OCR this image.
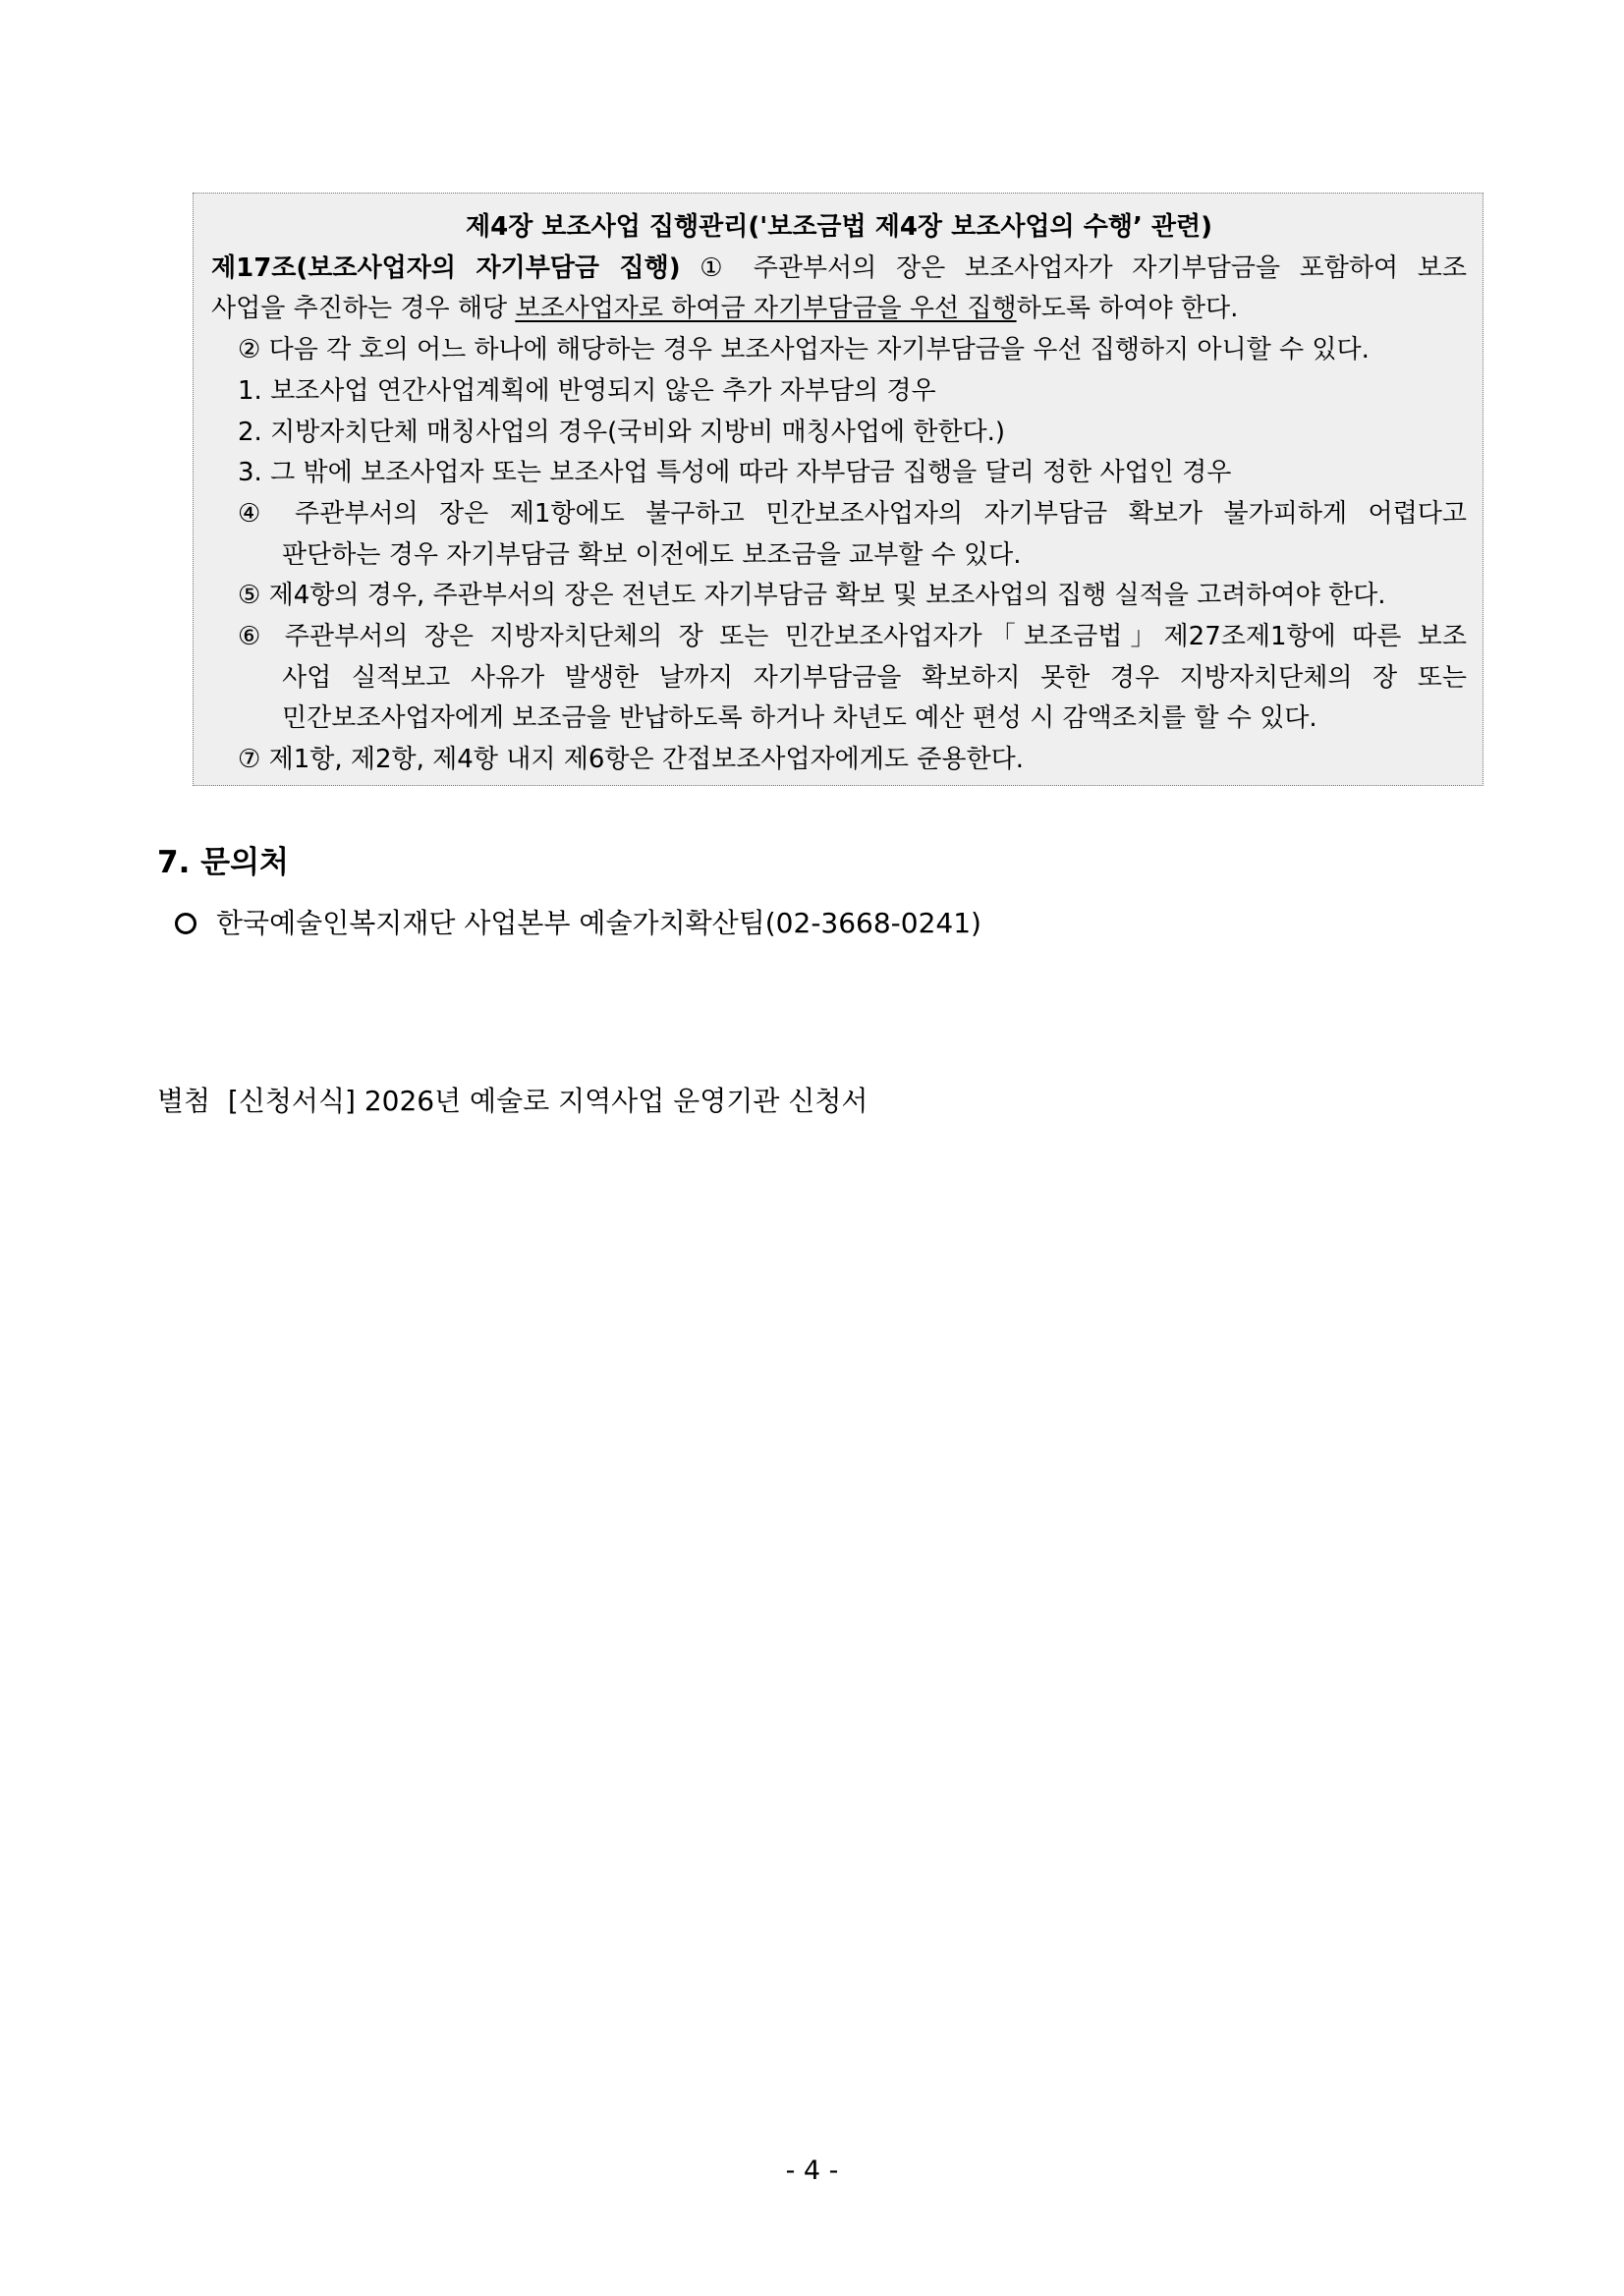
제4장 보조사업 집행관리('보조금법 제4장 보조사업의 수행’ 관련)
제17조(보조사업자의 자기부담금 집행) ① 주관부서의 장은 보조사업자가 자기부담금을 포함하여 보조
사업을 추진하는 경우 해당 보조사업자로 하여금 자기부담금을 우선 집행하도록 하여야 한다.
② 다음 각 호의 어느 하나에 해당하는 경우 보조사업자는 자기부담금을 우선 집행하지 아니할 수 있다.
1. 보조사업 연간사업계획에 반영되지 않은 추가 자부담의 경우
2. 지방자치단체 매칭사업의 경우(국비와 지방비 매칭사업에 한한다.)
3. 그 밖에 보조사업자 또는 보조사업 특성에 따라 자부담금 집행을 달리 정한 사업인 경우
④ 주관부서의 장은 제1항에도 불구하고 민간보조사업자의 자기부담금 확보가 불가피하게 어렵다고
판단하는 경우 자기부담금 확보 이전에도 보조금을 교부할 수 있다.
⑤ 제4항의 경우, 주관부서의 장은 전년도 자기부담금 확보 및 보조사업의 집행 실적을 고려하여야 한다.
⑥ 주관부서의 장은 지방자치단체의 장 또는 민간보조사업자가「보조금법」제27조제1항에 따른 보조
사업 실적보고 사유가 발생한 날까지 자기부담금을 확보하지 못한 경우 지방자치단체의 장 또는
민간보조사업자에게 보조금을 반납하도록 하거나 차년도 예산 편성 시 감액조치를 할 수 있다.
⑦ 제1항, 제2항, 제4항 내지 제6항은 간접보조사업자에게도 준용한다.
7. 문의처
한국예술인복지재단 사업본부 예술가치확산팀(02-3668-0241)
별첨  [신청서식] 2026년 예술로 지역사업 운영기관 신청서
- 4 -
